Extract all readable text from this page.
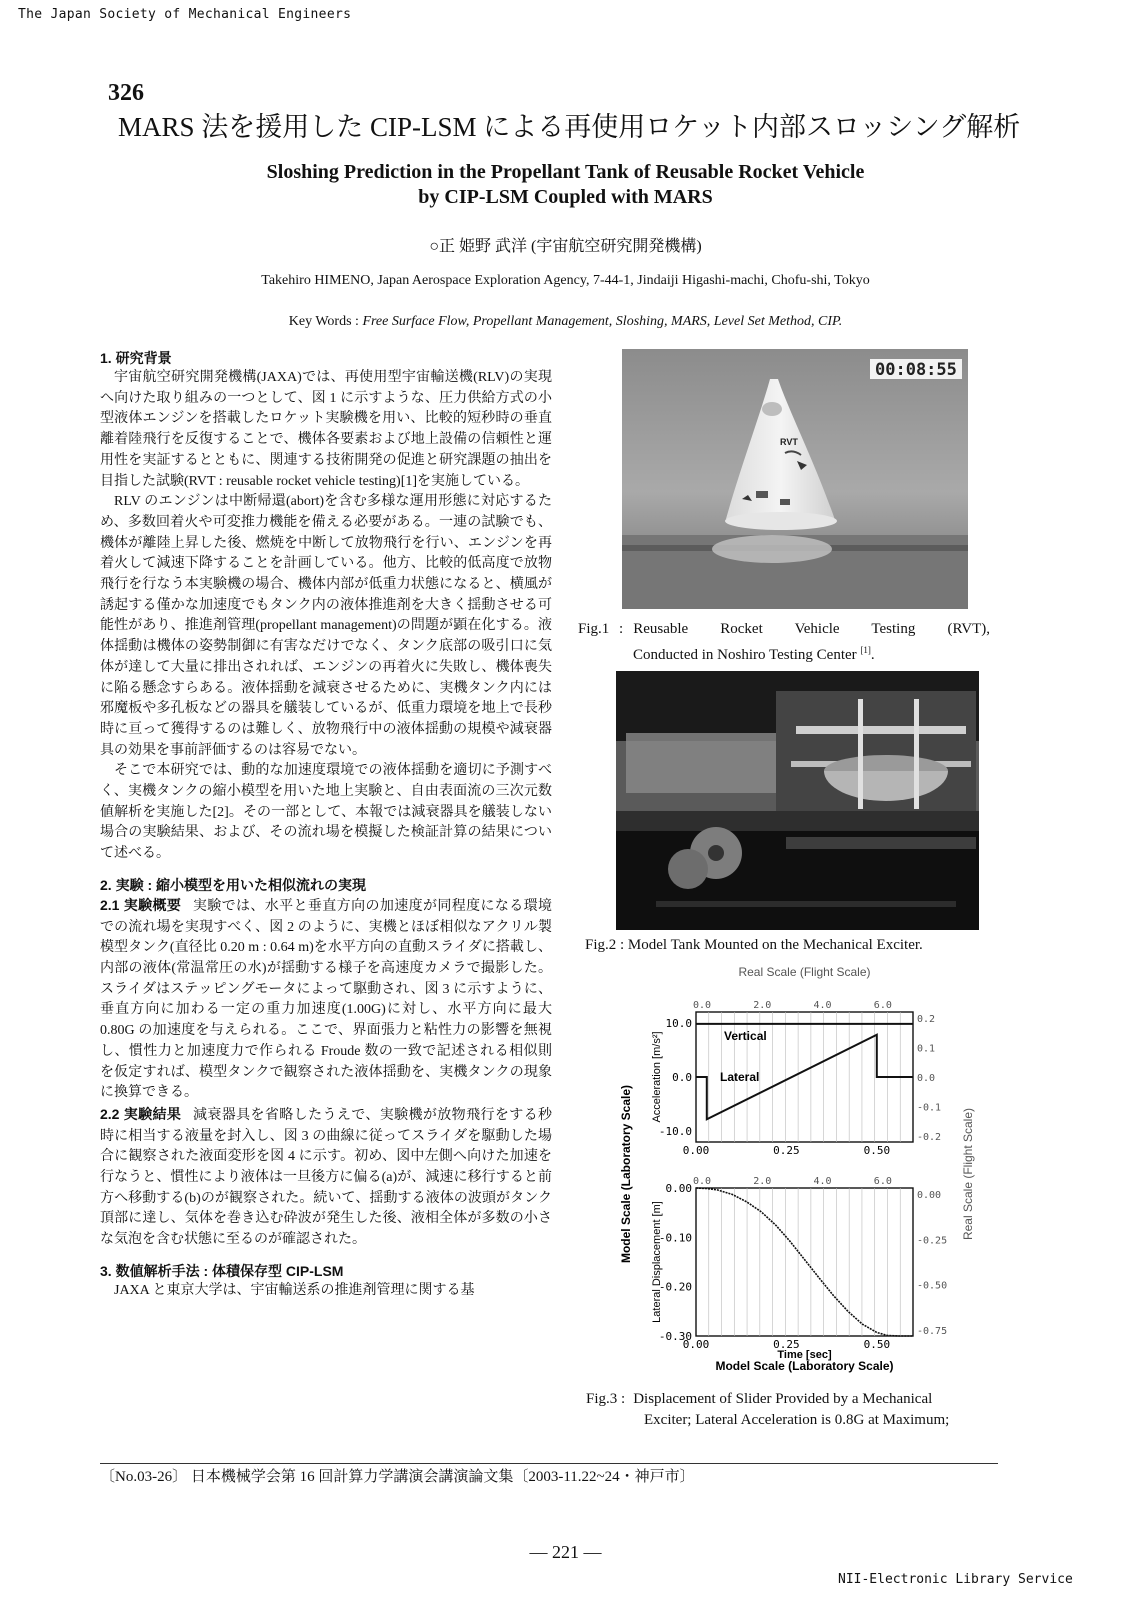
The Japan Society of Mechanical Engineers
326
MARS 法を援用した CIP-LSM による再使用ロケット内部スロッシング解析
Sloshing Prediction in the Propellant Tank of Reusable Rocket Vehicle
by CIP-LSM Coupled with MARS
○正 姫野 武洋 (宇宙航空研究開発機構)
Takehiro HIMENO, Japan Aerospace Exploration Agency, 7-44-1, Jindaiji Higashi-machi, Chofu-shi, Tokyo
Key Words : Free Surface Flow, Propellant Management, Sloshing, MARS, Level Set Method, CIP.
1. 研究背景

宇宙航空研究開発機構(JAXA)では、再使用型宇宙輸送機(RLV)の実現へ向けた取り組みの一つとして、図 1 に示すような、圧力供給方式の小型液体エンジンを搭載したロケット実験機を用い、比較的短秒時の垂直離着陸飛行を反復することで、機体各要素および地上設備の信頼性と運用性を実証するとともに、関連する技術開発の促進と研究課題の抽出を目指した試験(RVT : reusable rocket vehicle testing)[1]を実施している。

RLV のエンジンは中断帰還(abort)を含む多様な運用形態に対応するため、多数回着火や可変推力機能を備える必要がある。一連の試験でも、機体が離陸上昇した後、燃焼を中断して放物飛行を行い、エンジンを再着火して減速下降することを計画している。他方、比較的低高度で放物飛行を行なう本実験機の場合、機体内部が低重力状態になると、横風が誘起する僅かな加速度でもタンク内の液体推進剤を大きく揺動させる可能性があり、推進剤管理(propellant management)の問題が顕在化する。液体揺動は機体の姿勢制御に有害なだけでなく、タンク底部の吸引口に気体が達して大量に排出されれば、エンジンの再着火に失敗し、機体喪失に陥る懸念すらある。液体揺動を減衰させるために、実機タンク内には邪魔板や多孔板などの器具を艤装しているが、低重力環境を地上で長秒時に亘って獲得するのは難しく、放物飛行中の液体揺動の規模や減衰器具の効果を事前評価するのは容易でない。

そこで本研究では、動的な加速度環境での液体揺動を適切に予測すべく、実機タンクの縮小模型を用いた地上実験と、自由表面流の三次元数値解析を実施した[2]。その一部として、本報では減衰器具を艤装しない場合の実験結果、および、その流れ場を模擬した検証計算の結果について述べる。

2. 実験 : 縮小模型を用いた相似流れの実現

2.1 実験概要 実験では、水平と垂直方向の加速度が同程度になる環境での流れ場を実現すべく、図 2 のように、実機とほぼ相似なアクリル製模型タンク(直径比 0.20 m : 0.64 m)を水平方向の直動スライダに搭載し、内部の液体(常温常圧の水)が揺動する様子を高速度カメラで撮影した。スライダはステッピングモータによって駆動され、図 3 に示すように、垂直方向に加わる一定の重力加速度(1.00G)に対し、水平方向に最大 0.80G の加速度を与えられる。ここで、界面張力と粘性力の影響を無視し、慣性力と加速度力で作られる Froude 数の一致で記述される相似則を仮定すれば、模型タンクで観察された液体揺動を、実機タンクの現象に換算できる。

2.2 実験結果 減衰器具を省略したうえで、実験機が放物飛行をする秒時に相当する液量を封入し、図 3 の曲線に従ってスライダを駆動した場合に観察された液面変形を図 4 に示す。初め、図中左側へ向けた加速を行なうと、慣性により液体は一旦後方に偏る(a)が、減速に移行すると前方へ移動する(b)のが観察された。続いて、揺動する液体の波頭がタンク頂部に達し、気体を巻き込む砕波が発生した後、液相全体が多数の小さな気泡を含む状態に至るのが確認された。

3. 数値解析手法 : 体積保存型 CIP-LSM

JAXA と東京大学は、宇宙輸送系の推進剤管理に関する基

RVT
00:08:55
Fig.1 : Reusable Rocket Vehicle Testing (RVT),
Conducted in Noshiro Testing Center [1].
Fig.2 : Model Tank Mounted on the Mechanical Exciter.
Real Scale (Flight Scale)
Model Scale (Laboratory Scale)
Time [sec]
Model Scale (Laboratory Scale)	Real Scale (Flight Scale)
0.00	0.25	0.50
0.0	2.0	4.0	6.0
10.0
0.0
-10.0
0.2
0.1
0.0
-0.1
-0.2
Acceleration [m/s²]	Vertical
Lateral
0.00	0.25	0.50
0.0	2.0	4.0	6.0
0.00
-0.10
-0.20
-0.30
0.00
-0.25
-0.50
-0.75
Lateral Displacement [m]
Fig.3 : Displacement of Slider Provided by a Mechanical
Exciter; Lateral Acceleration is 0.8G at Maximum;
〔No.03-26〕 日本機械学会第 16 回計算力学講演会講演論文集〔2003-11.22~24・神戸市〕
— 221 —
NII-Electronic Library Service
